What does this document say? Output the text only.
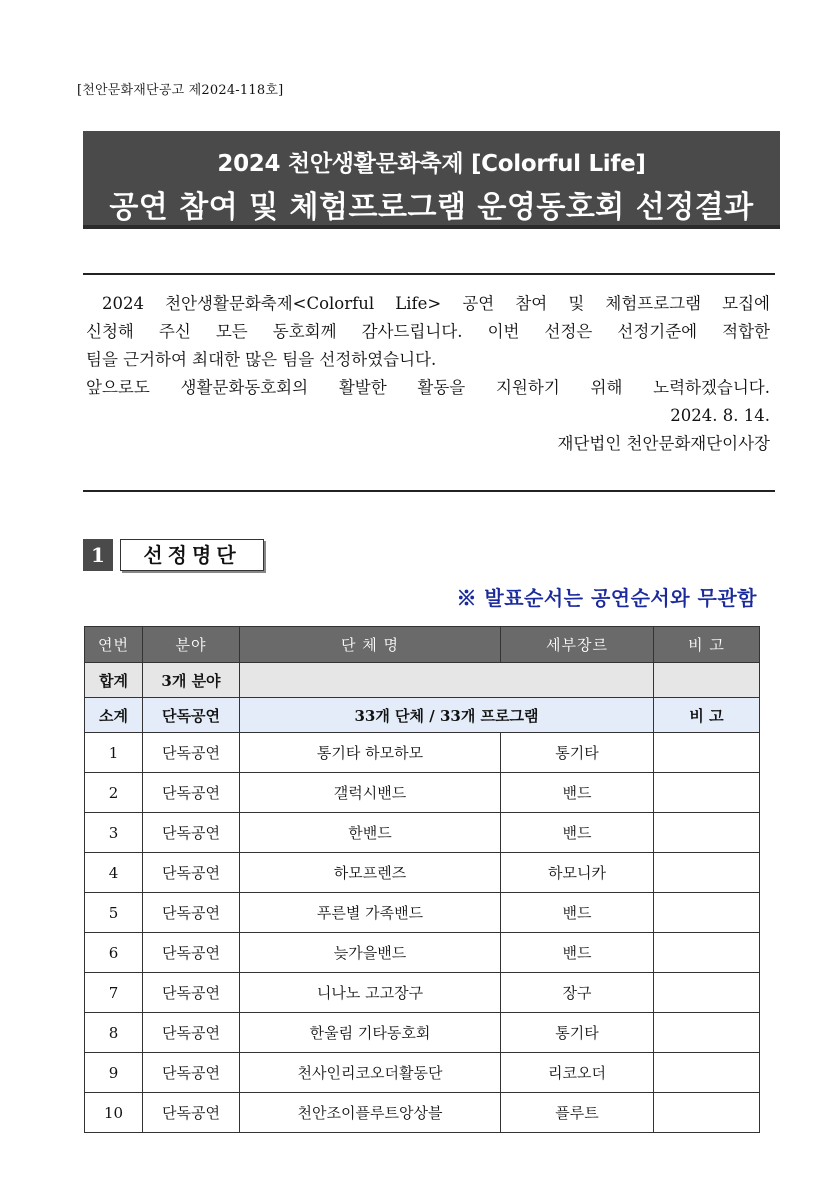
[천안문화재단공고 제2024-118호]
2024 천안생활문화축제 [Colorful Life]
공연 참여 및 체험프로그램 운영동호회 선정결과

2024 천안생활문화축제<Colorful Life> 공연 참여 및 체험프로그램 모집에

신청해 주신 모든 동호회께 감사드립니다. 이번 선정은 선정기준에 적합한

팀을 근거하여 최대한 많은 팀을 선정하였습니다.

앞으로도 생활문화동호회의 활발한 활동을 지원하기 위해 노력하겠습니다.

2024. 8. 14.

재단법인 천안문화재단이사장

1	선정명단
※ 발표순서는 공연순서와 무관함
연번	분야	단 체 명	세부장르	비 고
합계	3개 분야			
소계	단독공연	33개 단체 / 33개 프로그램		비 고
1	단독공연	통기타 하모하모	통기타	
2	단독공연	갤럭시밴드	밴드	
3	단독공연	한밴드	밴드	
4	단독공연	하모프렌즈	하모니카	
5	단독공연	푸른별 가족밴드	밴드	
6	단독공연	늦가을밴드	밴드	
7	단독공연	니나노 고고장구	장구	
8	단독공연	한울림 기타동호회	통기타	
9	단독공연	천사인리코오더활동단	리코오더	
10	단독공연	천안조이플루트앙상블	플루트	
